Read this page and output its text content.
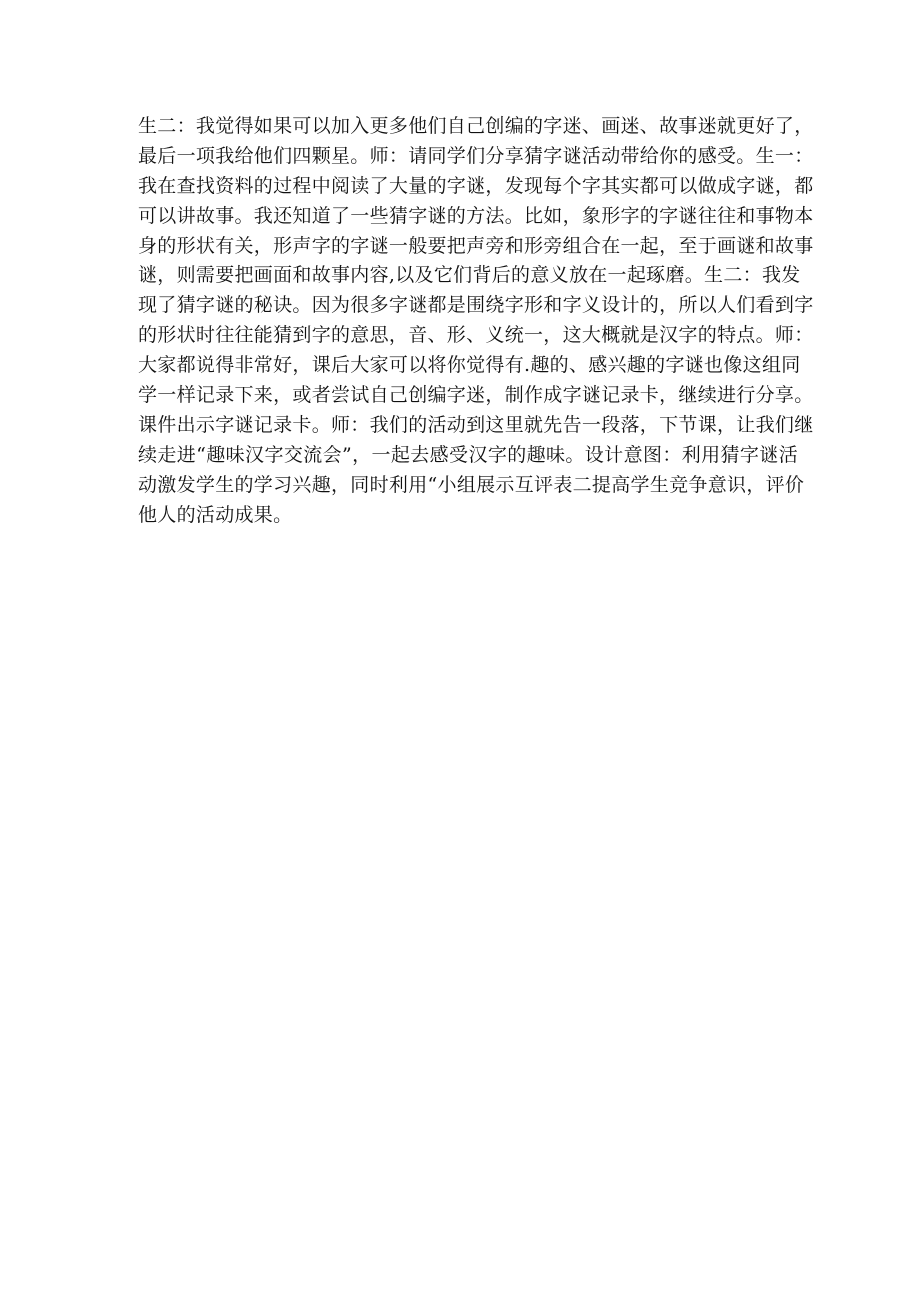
生二：我觉得如果可以加入更多他们自己创编的字迷、画迷、故事迷就更好了，
最后一项我给他们四颗星。师：请同学们分享猜字谜活动带给你的感受。生一：
我在查找资料的过程中阅读了大量的字谜，发现每个字其实都可以做成字谜，都
可以讲故事。我还知道了一些猜字谜的方法。比如，象形字的字谜往往和事物本
身的形状有关，形声字的字谜一般要把声旁和形旁组合在一起，至于画谜和故事
谜，则需要把画面和故事内容,以及它们背后的意义放在一起琢磨。生二：我发
现了猜字谜的秘诀。因为很多字谜都是围绕字形和字义设计的，所以人们看到字
的形状时往往能猜到字的意思，音、形、义统一，这大概就是汉字的特点。师：
大家都说得非常好，课后大家可以将你觉得有.趣的、感兴趣的字谜也像这组同
学一样记录下来，或者尝试自己创编字迷，制作成字谜记录卡，继续进行分享。
课件出示字谜记录卡。师：我们的活动到这里就先告一段落，下节课，让我们继
续走进“趣味汉字交流会”，一起去感受汉字的趣味。设计意图：利用猜字谜活
动激发学生的学习兴趣，同时利用“小组展示互评表二提高学生竞争意识，评价
他人的活动成果。
